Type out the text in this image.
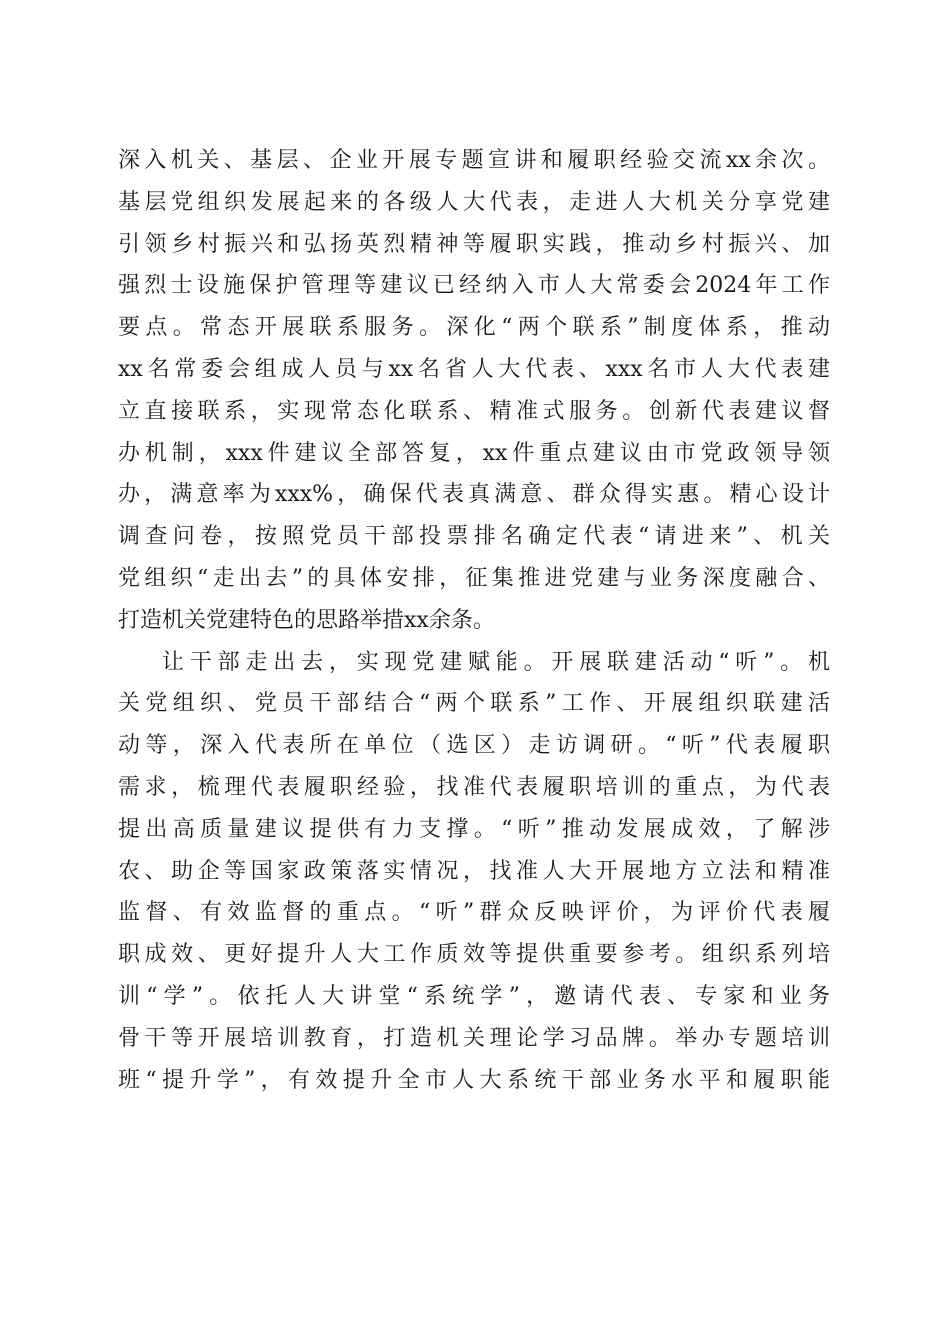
深入机关、基层、企业开展专题宣讲和履职经验交流xx余次。
基层党组织发展起来的各级人大代表，走进人大机关分享党建
引领乡村振兴和弘扬英烈精神等履职实践，推动乡村振兴、加
强烈士设施保护管理等建议已经纳入市人大常委会2024年工作
要点。常态开展联系服务。深化“两个联系”制度体系，推动
xx名常委会组成人员与xx名省人大代表、xxx名市人大代表建
立直接联系，实现常态化联系、精准式服务。创新代表建议督
办机制，xxx件建议全部答复，xx件重点建议由市党政领导领
办，满意率为xxx%，确保代表真满意、群众得实惠。精心设计
调查问卷，按照党员干部投票排名确定代表“请进来”、机关
党组织“走出去”的具体安排，征集推进党建与业务深度融合、
打造机关党建特色的思路举措xx余条。
让干部走出去，实现党建赋能。开展联建活动“听”。机
关党组织、党员干部结合“两个联系”工作、开展组织联建活
动等，深入代表所在单位（选区）走访调研。“听”代表履职
需求，梳理代表履职经验，找准代表履职培训的重点，为代表
提出高质量建议提供有力支撑。“听”推动发展成效，了解涉
农、助企等国家政策落实情况，找准人大开展地方立法和精准
监督、有效监督的重点。“听”群众反映评价，为评价代表履
职成效、更好提升人大工作质效等提供重要参考。组织系列培
训“学”。依托人大讲堂“系统学”，邀请代表、专家和业务
骨干等开展培训教育，打造机关理论学习品牌。举办专题培训
班“提升学”，有效提升全市人大系统干部业务水平和履职能
